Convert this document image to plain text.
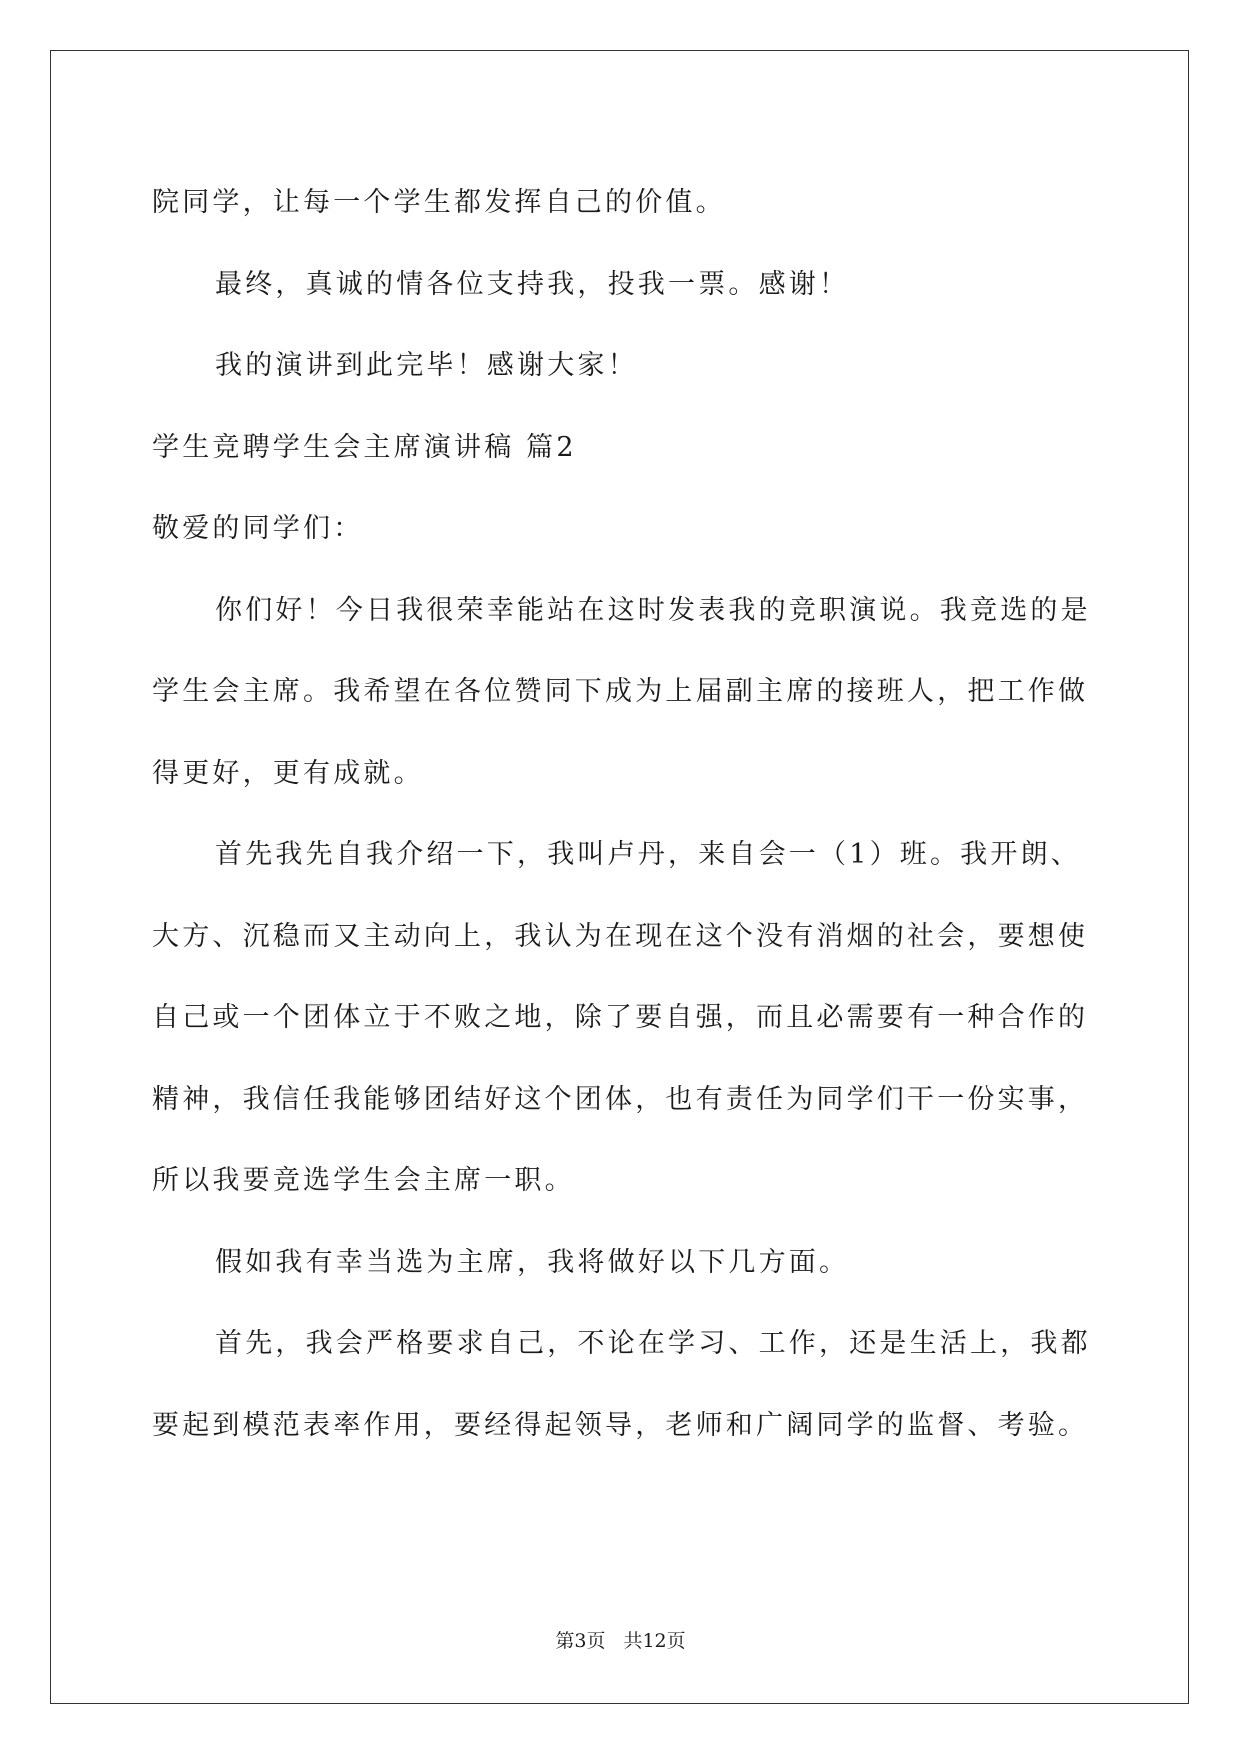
院同学，让每一个学生都发挥自己的价值。

最终，真诚的情各位支持我，投我一票。感谢！

我的演讲到此完毕！感谢大家！

学生竞聘学生会主席演讲稿 篇2

敬爱的同学们：

你们好！今日我很荣幸能站在这时发表我的竞职演说。我竞选的是学生会主席。我希望在各位赞同下成为上届副主席的接班人，把工作做得更好，更有成就。

首先我先自我介绍一下，我叫卢丹，来自会一（1）班。我开朗、大方、沉稳而又主动向上，我认为在现在这个没有消烟的社会，要想使自己或一个团体立于不败之地，除了要自强，而且必需要有一种合作的精神，我信任我能够团结好这个团体，也有责任为同学们干一份实事，所以我要竞选学生会主席一职。

假如我有幸当选为主席，我将做好以下几方面。

首先，我会严格要求自己，不论在学习、工作，还是生活上，我都要起到模范表率作用，要经得起领导，老师和广阔同学的监督、考验。

第3页 共12页
